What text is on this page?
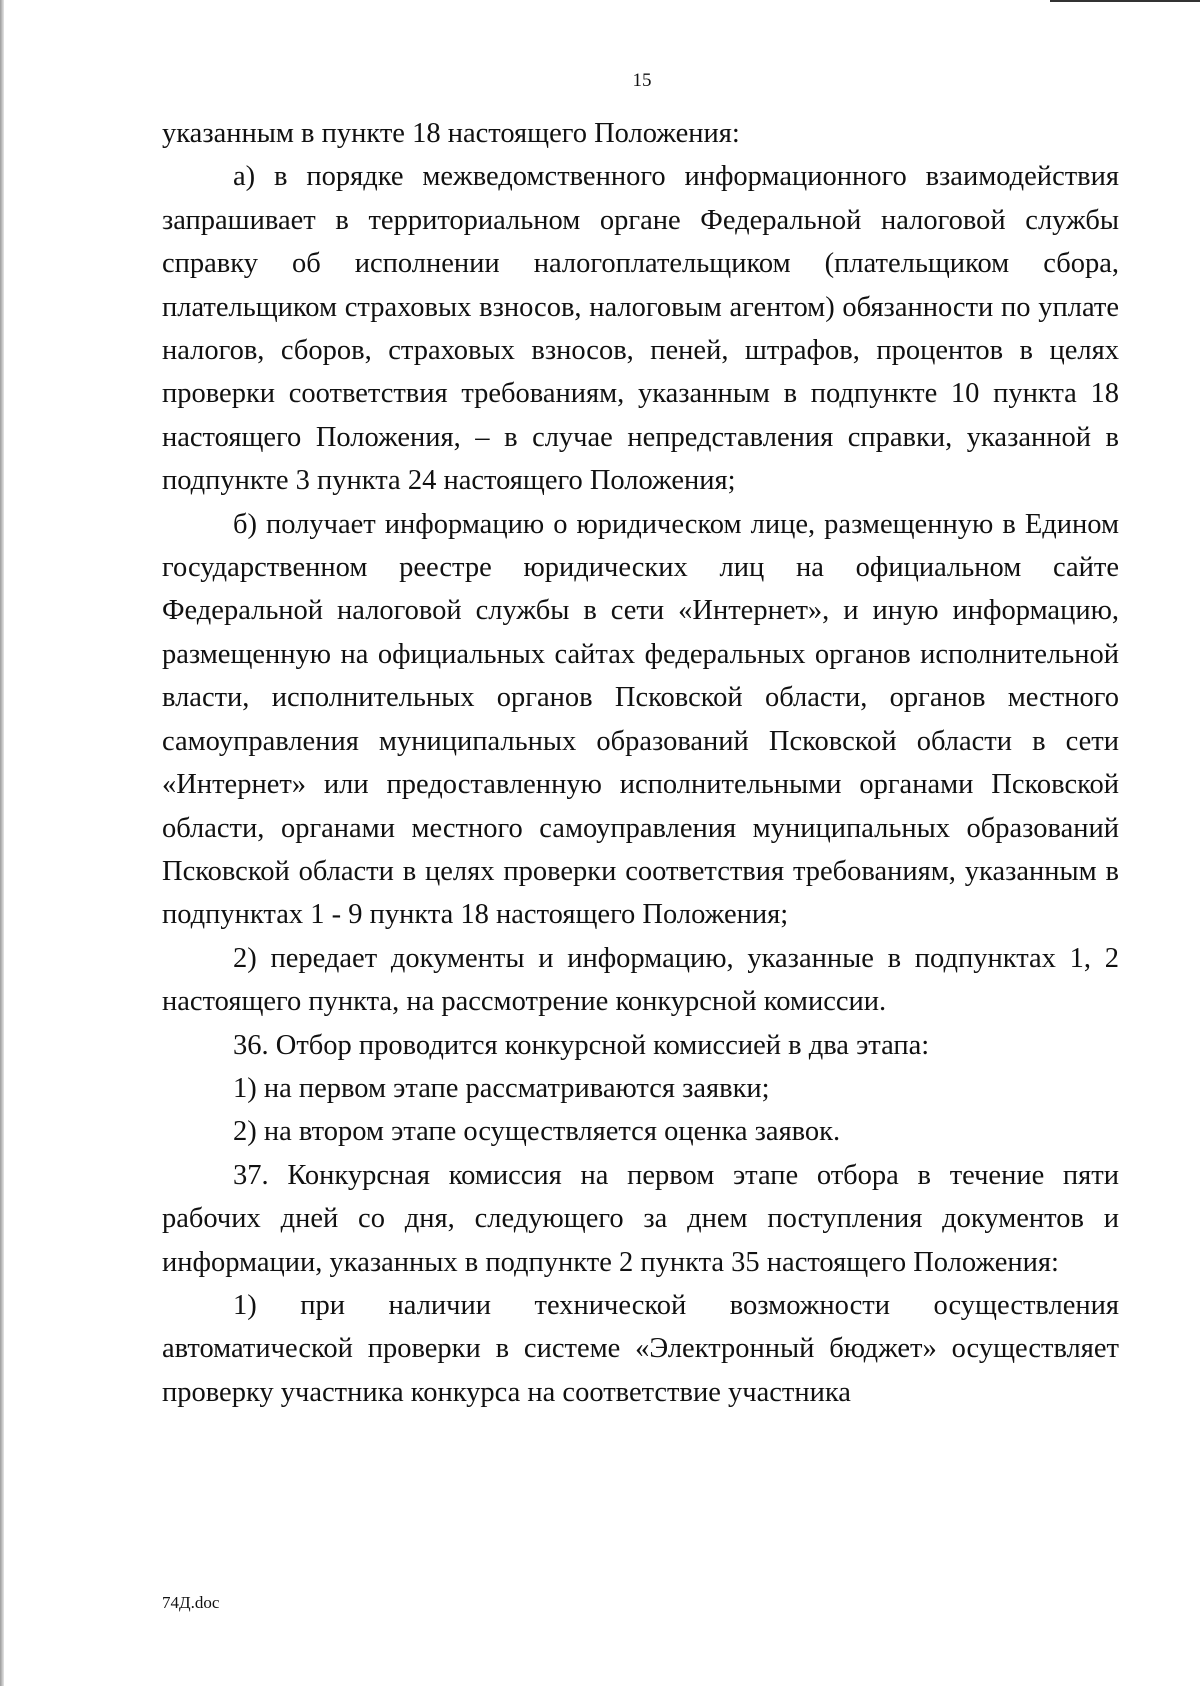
15

указанным в пункте 18 настоящего Положения:

а) в порядке межведомственного информационного взаимодействия запрашивает в территориальном органе Федеральной налоговой службы справку об исполнении налогоплательщиком (плательщиком сбора, плательщиком страховых взносов, налоговым агентом) обязанности по уплате налогов, сборов, страховых взносов, пеней, штрафов, процентов в целях проверки соответствия требованиям, указанным в подпункте 10 пункта 18 настоящего Положения, – в случае непредставления справки, указанной в подпункте 3 пункта 24 настоящего Положения;

б) получает информацию о юридическом лице, размещенную в Едином государственном реестре юридических лиц на официальном сайте Федеральной налоговой службы в сети «Интернет», и иную информацию, размещенную на официальных сайтах федеральных органов исполнительной власти, исполнительных органов Псковской области, органов местного самоуправления муниципальных образований Псковской области в сети «Интернет» или предоставленную исполнительными органами Псковской области, органами местного самоуправления муниципальных образований Псковской области в целях проверки соответствия требованиям, указанным в подпунктах 1 - 9 пункта 18 настоящего Положения;

2) передает документы и информацию, указанные в подпунктах 1, 2 настоящего пункта, на рассмотрение конкурсной комиссии.

36. Отбор проводится конкурсной комиссией в два этапа:

1) на первом этапе рассматриваются заявки;

2) на втором этапе осуществляется оценка заявок.

37. Конкурсная комиссия на первом этапе отбора в течение пяти рабочих дней со дня, следующего за днем поступления документов и информации, указанных в подпункте 2 пункта 35 настоящего Положения:

1) при наличии технической возможности осуществления автоматической проверки в системе «Электронный бюджет» осуществляет проверку участника конкурса на соответствие участника

74Д.doc
